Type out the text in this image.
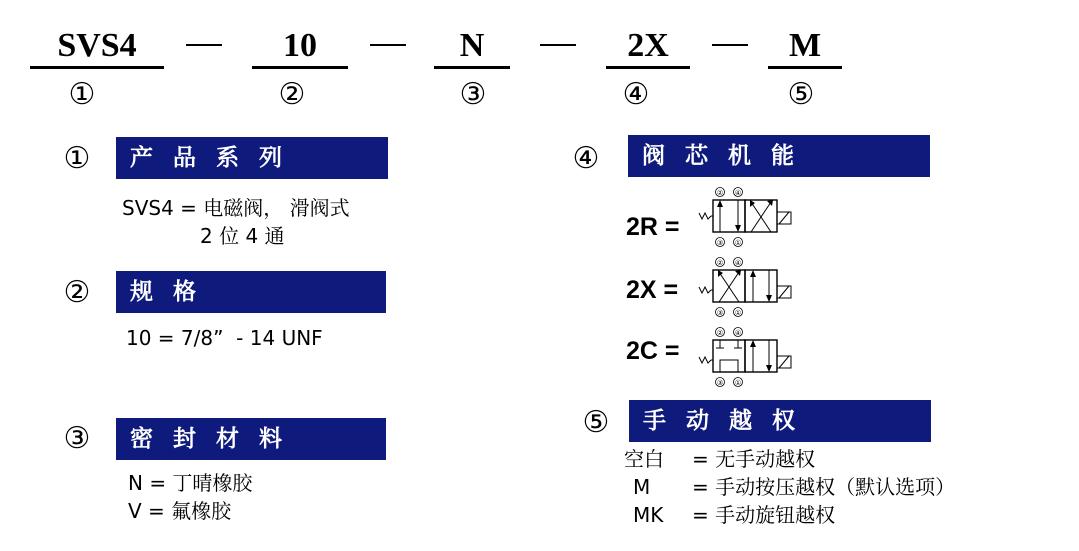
SVS4	10	N	2X	M
①	②	③	④	⑤
①	产 品 系 列
SVS4 = 电磁阀， 滑阀式
2 位 4 通
②	规 格
10 = 7/8”  - 14 UNF
③	密 封 材 料
N = 丁晴橡胶
V = 氟橡胶
④	阀 芯 机 能
2R =
② ④
③ ①
2X =
② ④
③ ①
2C =
② ④
③ ①
⑤	手 动 越 权
空白 = 无手动越权
M = 手动按压越权（默认选项）
MK = 手动旋钮越权
